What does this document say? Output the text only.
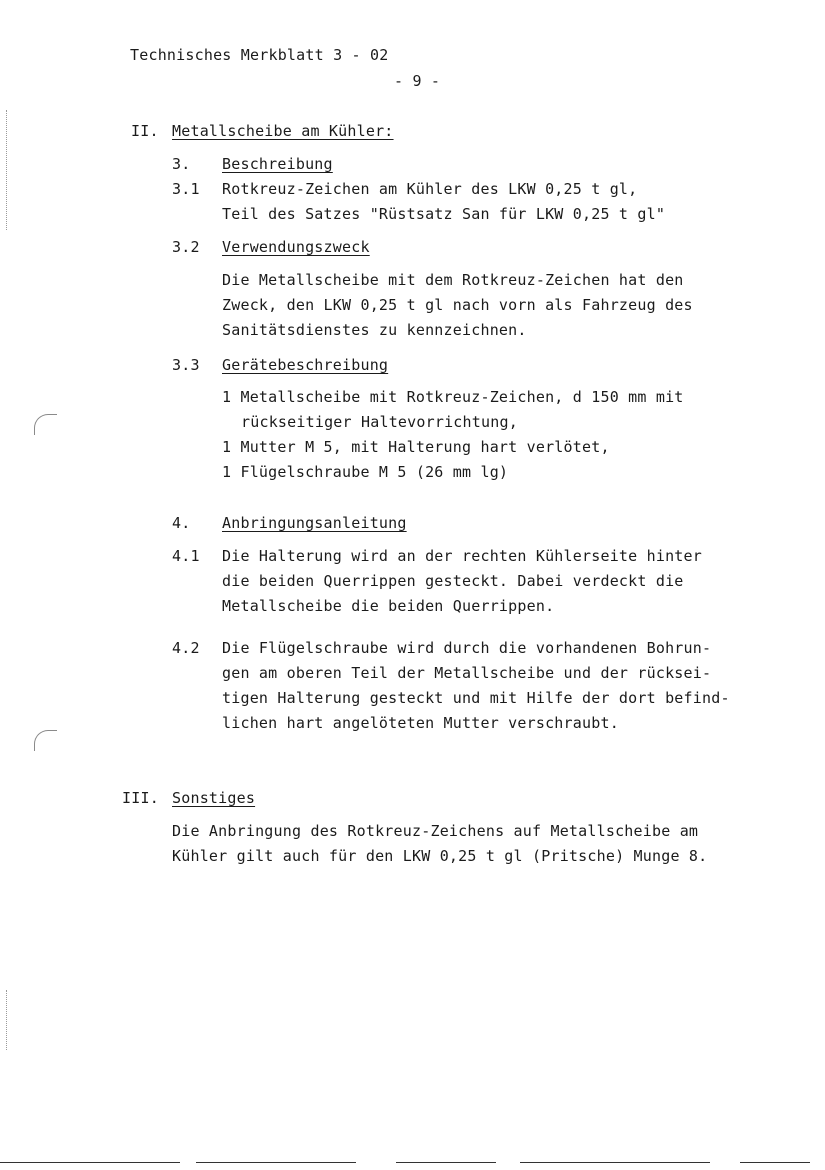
Technisches Merkblatt 3 - 02
- 9 -
II. Metallscheibe am Kühler:
3. Beschreibung
3.1 Rotkreuz-Zeichen am Kühler des LKW 0,25 t gl,
Teil des Satzes "Rüstsatz San für LKW 0,25 t gl"
3.2 Verwendungszweck
Die Metallscheibe mit dem Rotkreuz-Zeichen hat den
Zweck, den LKW 0,25 t gl nach vorn als Fahrzeug des
Sanitätsdienstes zu kennzeichnen.
3.3 Gerätebeschreibung
1 Metallscheibe mit Rotkreuz-Zeichen, d 150 mm mit
rückseitiger Haltevorrichtung,
1 Mutter M 5, mit Halterung hart verlötet,
1 Flügelschraube M 5 (26 mm lg)
4. Anbringungsanleitung
4.1 Die Halterung wird an der rechten Kühlerseite hinter
die beiden Querrippen gesteckt. Dabei verdeckt die
Metallscheibe die beiden Querrippen.
4.2 Die Flügelschraube wird durch die vorhandenen Bohrun-
gen am oberen Teil der Metallscheibe und der rücksei-
tigen Halterung gesteckt und mit Hilfe der dort befind-
lichen hart angelöteten Mutter verschraubt.
III. Sonstiges
Die Anbringung des Rotkreuz-Zeichens auf Metallscheibe am
Kühler gilt auch für den LKW 0,25 t gl (Pritsche) Munge 8.
